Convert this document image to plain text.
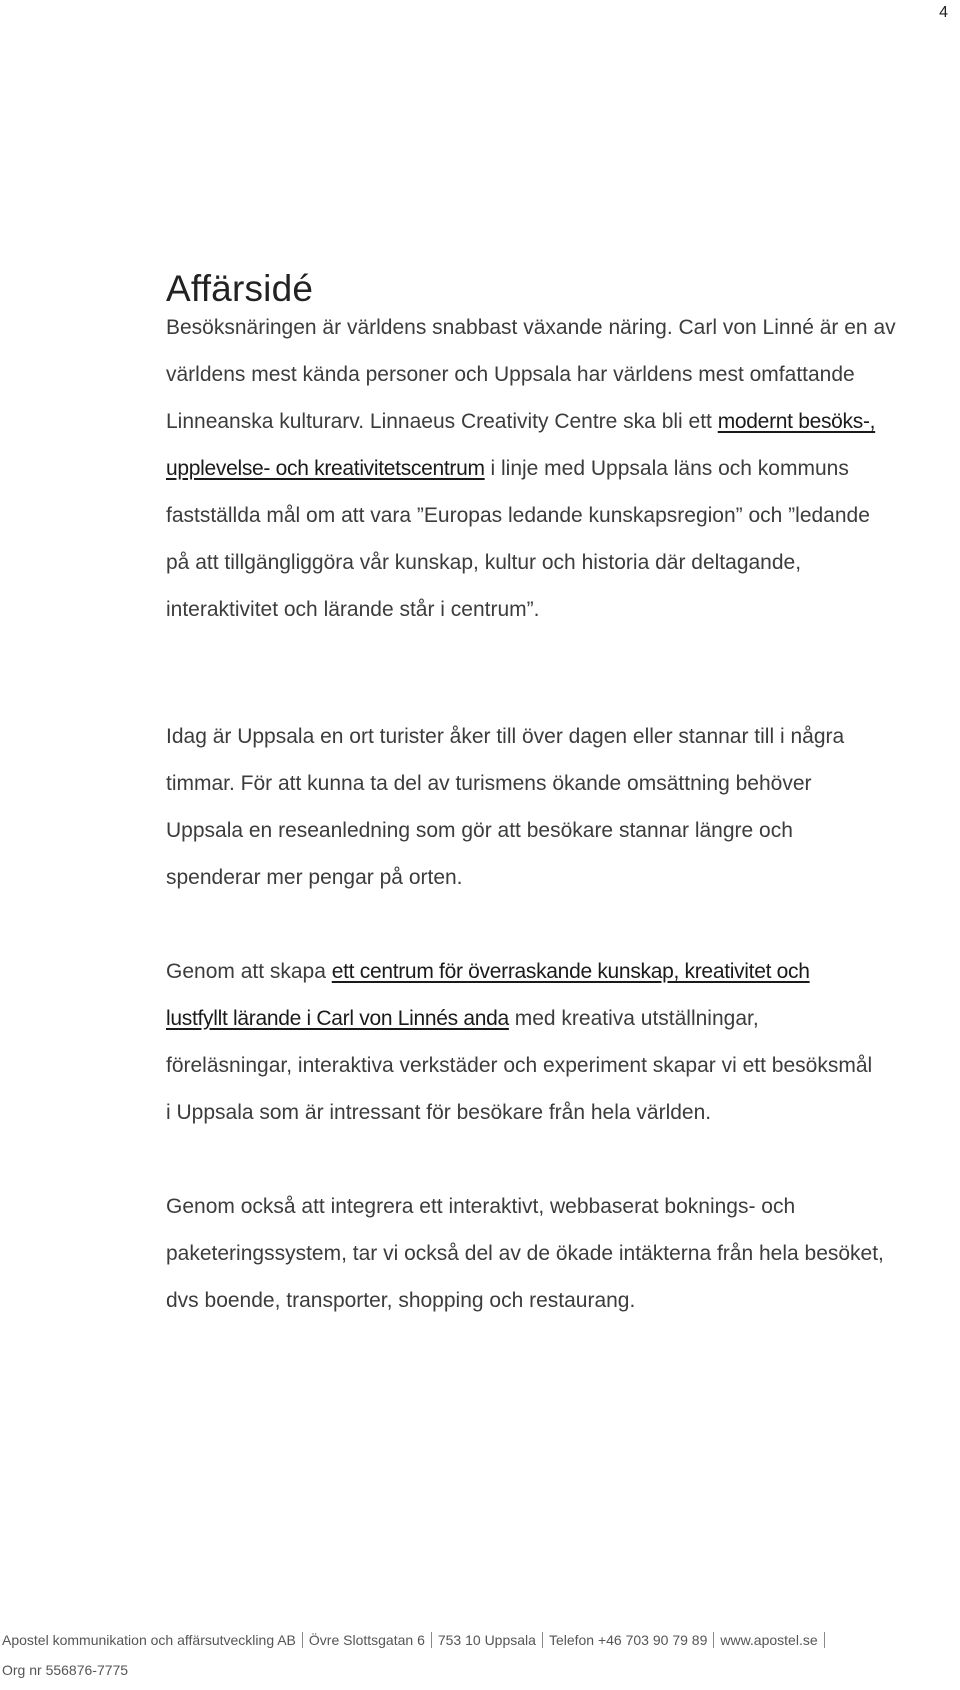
4
Affärsidé

Besöksnäringen är världens snabbast växande näring. Carl von Linné är en av
världens mest kända personer och Uppsala har världens mest omfattande
Linneanska kulturarv. Linnaeus Creativity Centre ska bli ett modernt besöks-,
upplevelse- och kreativitetscentrum i linje med Uppsala läns och kommuns
fastställda mål om att vara ”Europas ledande kunskapsregion” och ”ledande
på att tillgängliggöra vår kunskap, kultur och historia där deltagande,
interaktivitet och lärande står i centrum”.

Idag är Uppsala en ort turister åker till över dagen eller stannar till i några
timmar. För att kunna ta del av turismens ökande omsättning behöver
Uppsala en reseanledning som gör att besökare stannar längre och
spenderar mer pengar på orten.

Genom att skapa ett centrum för överraskande kunskap, kreativitet och
lustfyllt lärande i Carl von Linnés anda med kreativa utställningar,
föreläsningar, interaktiva verkstäder och experiment skapar vi ett besöksmål
i Uppsala som är intressant för besökare från hela världen.

Genom också att integrera ett interaktivt, webbaserat boknings- och
paketeringssystem, tar vi också del av de ökade intäkterna från hela besöket,
dvs boende, transporter, shopping och restaurang.

Apostel kommunikation och affärsutveckling AB Övre Slottsgatan 6 753 10 Uppsala Telefon +46 703 90 79 89 www.apostel.se
Org nr 556876-7775
